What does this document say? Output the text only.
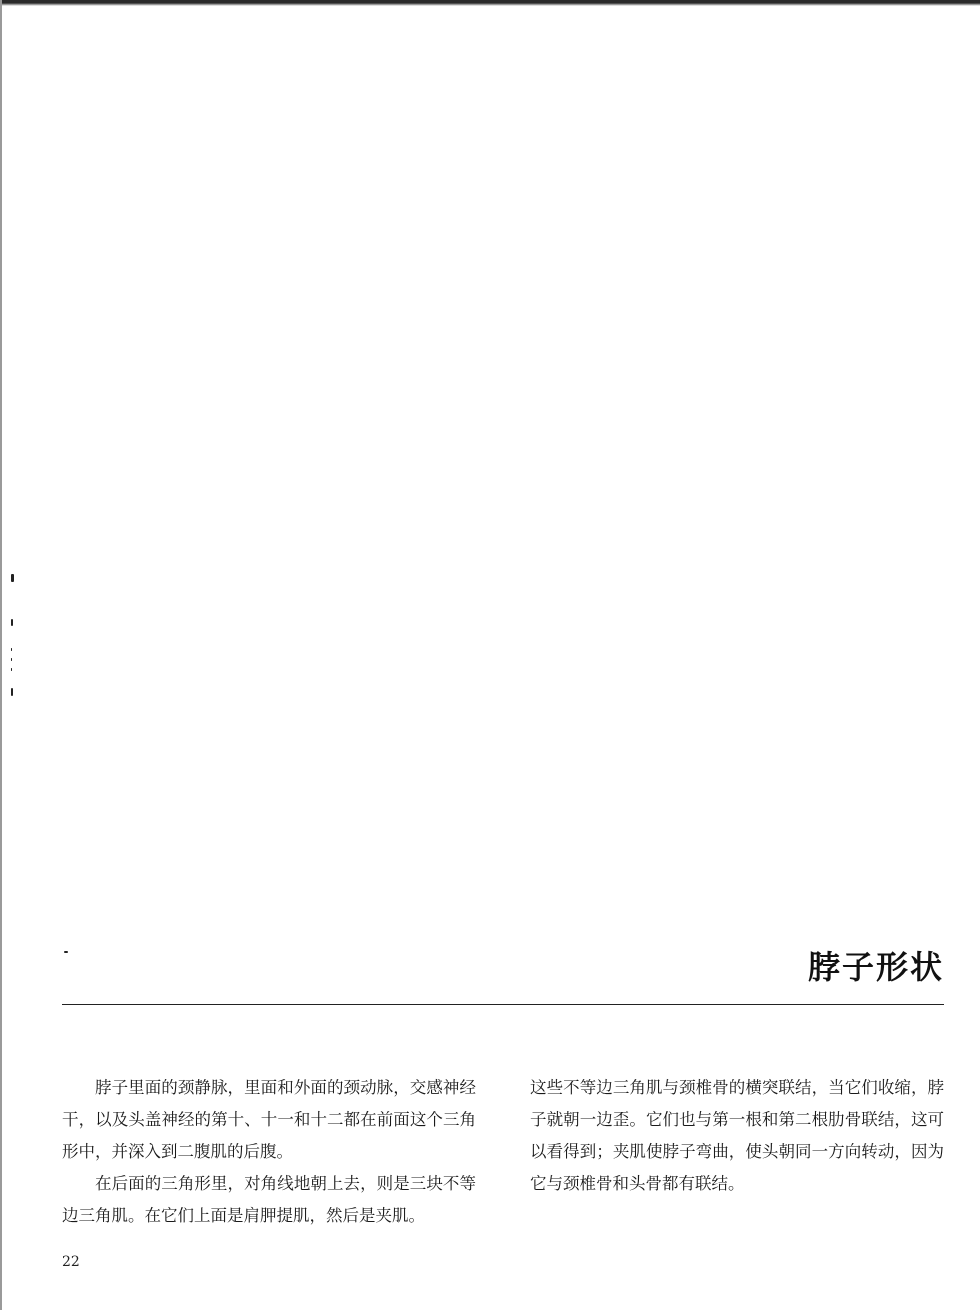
脖子形状

脖子里面的颈静脉，里面和外面的颈动脉，交感神经干，以及头盖神经的第十、十一和十二都在前面这个三角形中，并深入到二腹肌的后腹。

在后面的三角形里，对角线地朝上去，则是三块不等边三角肌。在它们上面是肩胛提肌，然后是夹肌。

这些不等边三角肌与颈椎骨的横突联结，当它们收缩，脖子就朝一边歪。它们也与第一根和第二根肋骨联结，这可以看得到；夹肌使脖子弯曲，使头朝同一方向转动，因为它与颈椎骨和头骨都有联结。

22
